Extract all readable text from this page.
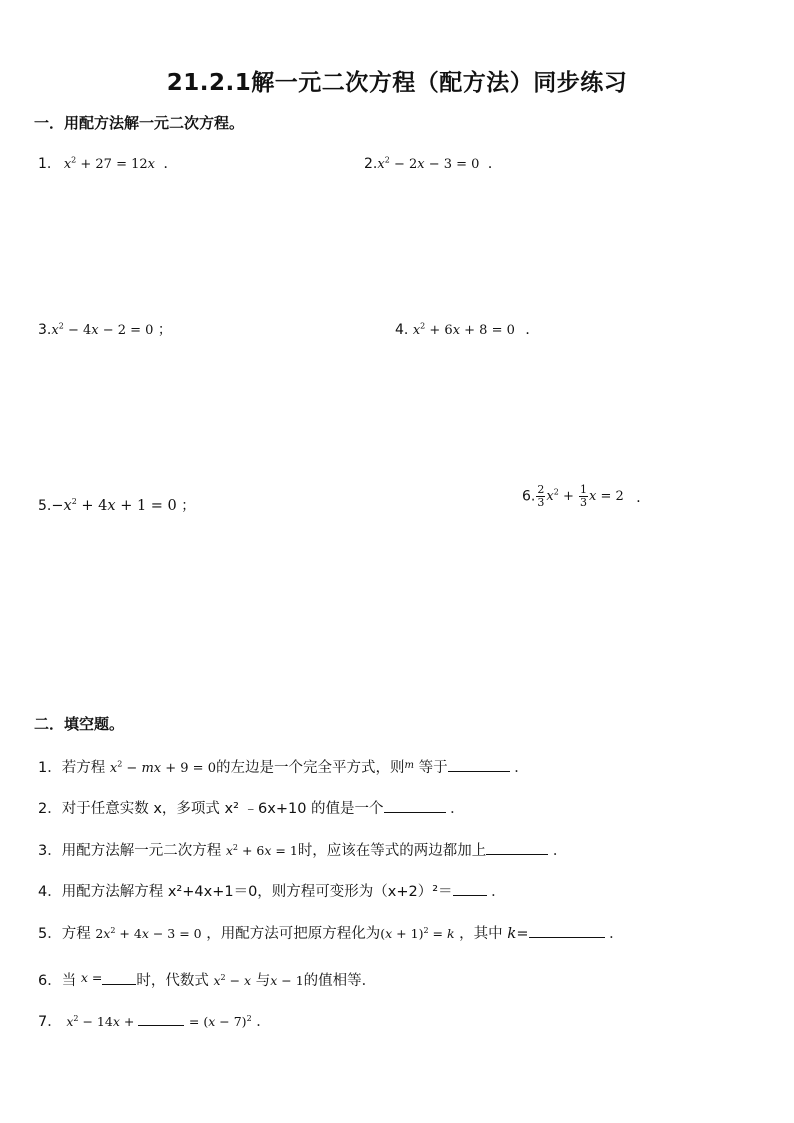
21.2.1解一元二次方程（配方法）同步练习
一．用配方法解一元二次方程。
1. $x^2 + 27 = 12x$ ．	$2.x^2 - 2x - 3 = 0$ ．
$3.x^2 - 4x - 2 = 0$ ；	4. $x^2 + 6x + 8 = 0$ ．
$5.-x^2 + 4x + 1 = 0$ ；
6. $\frac{2}{3} x^2 + \frac{1}{3}$ x = 2 ．
二．填空题。
1．若方程 $x^2$ − mx + 9 = 0的左边是一个完全平方式，则$^m$ 等于	．
2．对于任意实数 x，多项式 x² ﹣6x+10 的值是一个	．
3．用配方法解一元二次方程 $x^2 + 6x = 1$时，应该在等式的两边都加上	．
4．用配方法解方程 x²+4x+1＝0，则方程可变形为（x+2）²＝	．
5．方程 $2x^2 + 4x - 3 = 0$ ，用配方法可把原方程化为$(x + 1)^2 = k$ ，其中 k=	．
6．当 x = 时，代数式 $x^2 - x$ 与x − 1的值相等．
7． $x^2 - 14x$ +	= $(x - 7)^2$ ．
